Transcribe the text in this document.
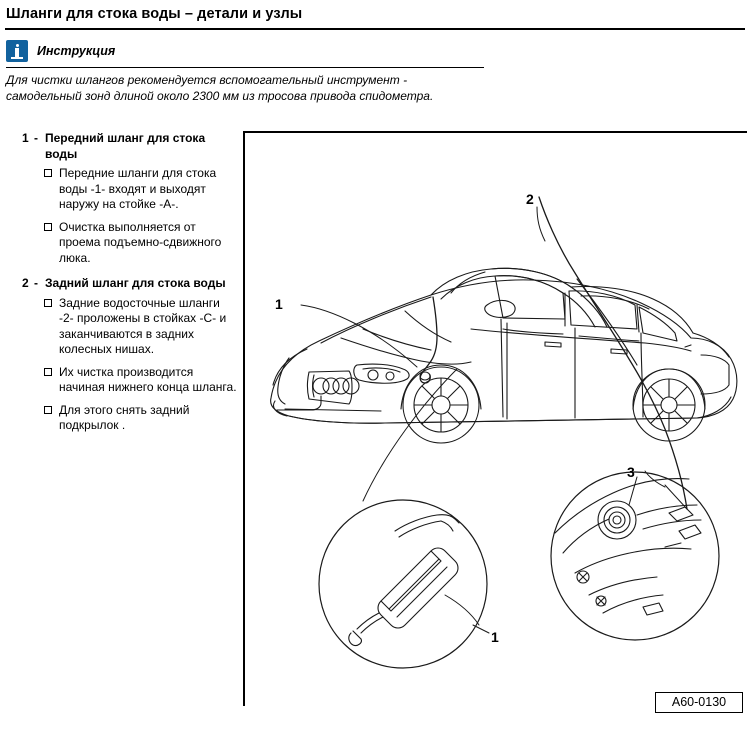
Шланги для стока воды – детали и узлы
Инструкция
Для чистки шлангов рекомендуется вспомогательный инструмент - самодельный зонд длиной около 2300 мм из тросовa привода спидометра.
1 - Передний шланг для стока воды
Передние шланги для стока воды -1- входят и выходят наружу на стойке -А-.
Очистка выполняется от проема подъемно-сдвижного люка.
2 - Задний шланг для стока воды
Задние водосточные шланги -2- проложены в стойках -С- и заканчиваются в задних колесных нишах.
Их чистка производится начиная нижнего конца шланга.
Для этого снять задний подкрылок .
1
2
3
1
A60-0130
